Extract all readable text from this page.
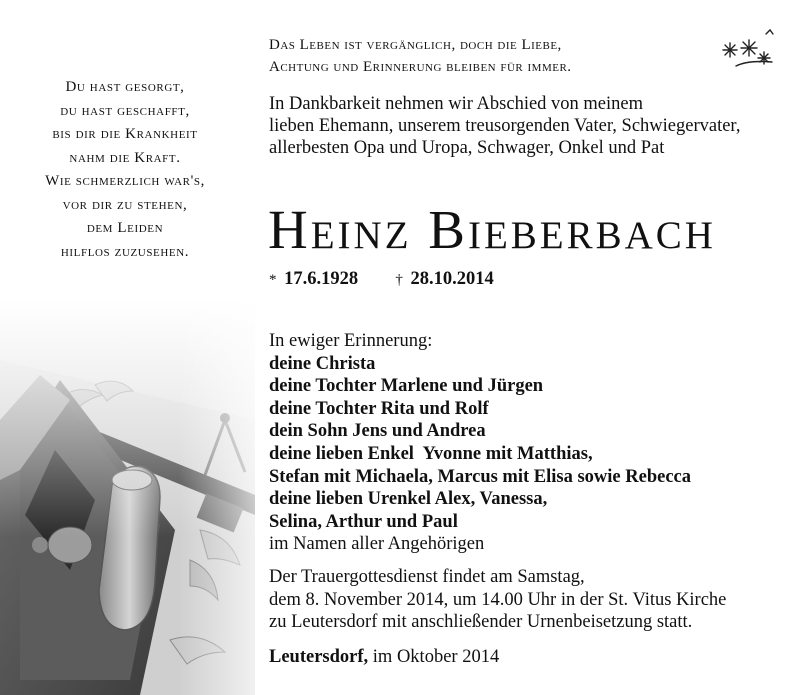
Du hast gesorgt,
du hast geschafft,
bis dir die Krankheit
nahm die Kraft.
Wie schmerzlich war's,
vor dir zu stehen,
dem Leiden
hilflos zuzusehen.
Das Leben ist vergänglich, doch die Liebe,
Achtung und Erinnerung bleiben für immer.
In Dankbarkeit nehmen wir Abschied von meinem
lieben Ehemann, unserem treusorgenden Vater, Schwiegervater,
allerbesten Opa und Uropa, Schwager, Onkel und Pat
Heinz Bieberbach
* 17.6.1928 † 28.10.2014
In ewiger Erinnerung:
deine Christa
deine Tochter Marlene und Jürgen
deine Tochter Rita und Rolf
dein Sohn Jens und Andrea
deine lieben Enkel  Yvonne mit Matthias,
Stefan mit Michaela, Marcus mit Elisa sowie Rebecca
deine lieben Urenkel Alex, Vanessa,
Selina, Arthur und Paul
im Namen aller Angehörigen
Der Trauergottesdienst findet am Samstag,
dem 8. November 2014, um 14.00 Uhr in der St. Vitus Kirche
zu Leutersdorf mit anschließender Urnenbeisetzung statt.
Leutersdorf, im Oktober 2014
